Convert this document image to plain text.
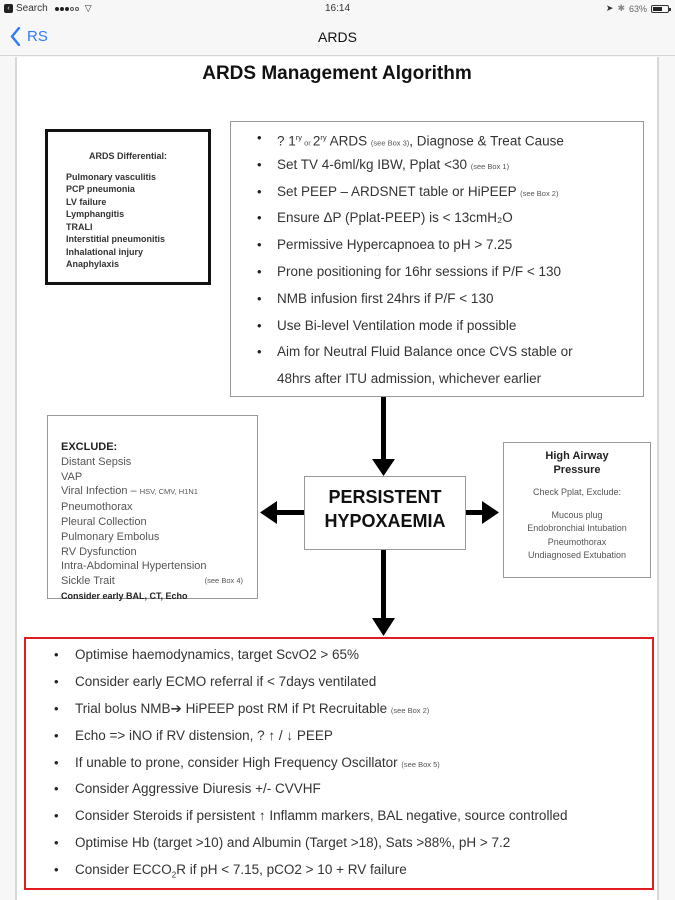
‹ Search	▽	16:14	➤ ✱ 63%
RS	ARDS
ARDS Management Algorithm
ARDS Differential:
Pulmonary vasculitis
PCP pneumonia
LV failure
Lymphangitis
TRALI
Interstitial pneumonitis
Inhalational injury
Anaphylaxis
• ? $1^{ry}$ or $2^{ry}$ ARDS (see Box 3), Diagnose & Treat Cause
• Set TV 4-6ml/kg IBW, Pplat <30 (see Box 1)
• Set PEEP – ARDSNET table or HiPEEP (see Box 2)
• Ensure ΔP (Pplat-PEEP) is < 13cmH₂O
• Permissive Hypercapnoea to pH > 7.25
• Prone positioning for 16hr sessions if P/F < 130
• NMB infusion first 24hrs if P/F < 130
• Use Bi-level Ventilation mode if possible
• Aim for Neutral Fluid Balance once CVS stable or
48hrs after ITU admission, whichever earlier
EXCLUDE:
Distant Sepsis
VAP
Viral Infection – HSV, CMV, H1N1
Pneumothorax
Pleural Collection
Pulmonary Embolus
RV Dysfunction
Intra-Abdominal Hypertension
Sickle Trait	(see Box 4)
Consider early BAL, CT, Echo
PERSISTENT
HYPOXAEMIA
High Airway
Pressure
Check Pplat, Exclude:
Mucous plug
Endobronchial Intubation
Pneumothorax
Undiagnosed Extubation
• Optimise haemodynamics, target ScvO2 > 65%
• Consider early ECMO referral if < 7days ventilated
• Trial bolus NMB➔ HiPEEP post RM if Pt Recruitable (see Box 2)
• Echo => iNO if RV distension, ? ↑ / ↓ PEEP
• If unable to prone, consider High Frequency Oscillator (see Box 5)
• Consider Aggressive Diuresis +/- CVVHF
• Consider Steroids if persistent ↑ Inflamm markers, BAL negative, source controlled
• Optimise Hb (target >10) and Albumin (Target >18), Sats >88%, pH > 7.2
• Consider $ECCO_2R$ if pH < 7.15, pCO2 > 10 + RV failure
